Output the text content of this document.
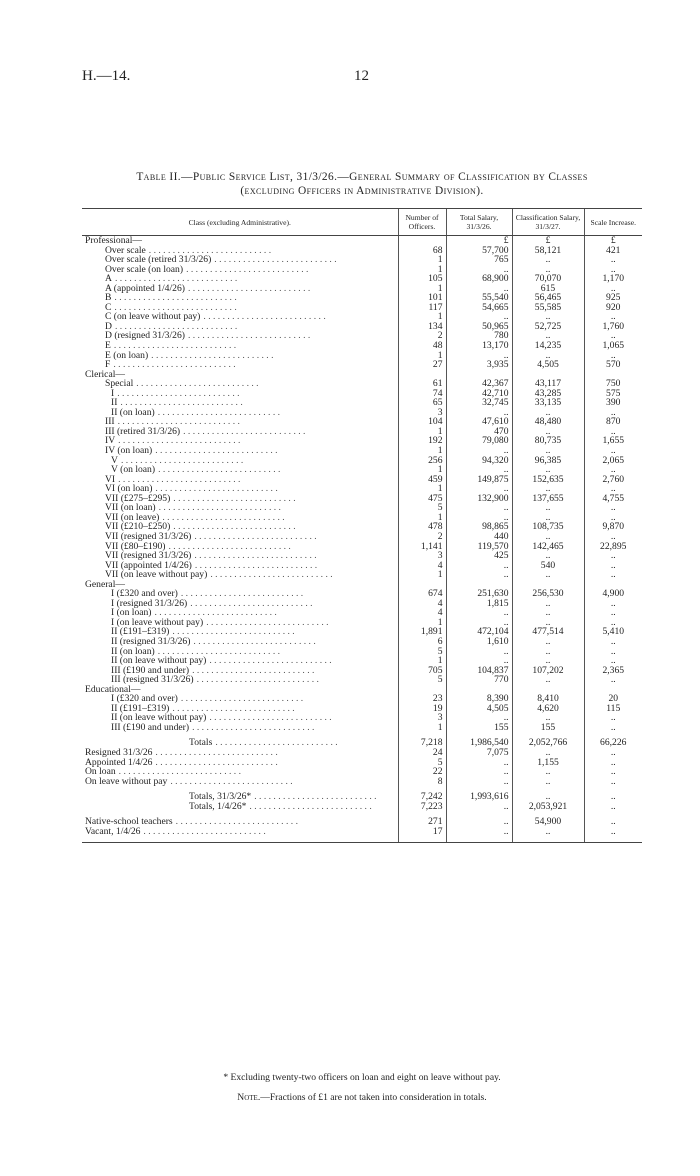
H.—14.	12
Table II.—Public Service List, 31/3/26.—General Summary of Classification by Classes
(excluding Officers in Administrative Division).
Class (excluding Administrative).	Number of Officers.	Total Salary, 31/3/26.	Classification Salary, 31/3/27.	Scale Increase.

Professional—		£	£	£

Over scale . . . . . . . . . . . . . . . . . . . . . . . . . .	68	57,700	58,121	421

Over scale (retired 31/3/26) . . . . . . . . . . . . . . . . . . . . . . . . . .	1	765	..	..

Over scale (on loan) . . . . . . . . . . . . . . . . . . . . . . . . . .	1	..	..	..

A . . . . . . . . . . . . . . . . . . . . . . . . . .	105	68,900	70,070	1,170

A (appointed 1/4/26) . . . . . . . . . . . . . . . . . . . . . . . . . .	1	..	615	..

B . . . . . . . . . . . . . . . . . . . . . . . . . .	101	55,540	56,465	925

C . . . . . . . . . . . . . . . . . . . . . . . . . .	117	54,665	55,585	920

C (on leave without pay) . . . . . . . . . . . . . . . . . . . . . . . . . .	1	..	..	..

D . . . . . . . . . . . . . . . . . . . . . . . . . .	134	50,965	52,725	1,760

D (resigned 31/3/26) . . . . . . . . . . . . . . . . . . . . . . . . . .	2	780	..	..

E . . . . . . . . . . . . . . . . . . . . . . . . . .	48	13,170	14,235	1,065

E (on loan) . . . . . . . . . . . . . . . . . . . . . . . . . .	1	..	..	..

F . . . . . . . . . . . . . . . . . . . . . . . . . .	27	3,935	4,505	570

Clerical—				

Special . . . . . . . . . . . . . . . . . . . . . . . . . .	61	42,367	43,117	750

I . . . . . . . . . . . . . . . . . . . . . . . . . .	74	42,710	43,285	575

II . . . . . . . . . . . . . . . . . . . . . . . . . .	65	32,745	33,135	390

II (on loan) . . . . . . . . . . . . . . . . . . . . . . . . . .	3	..	..	..

III . . . . . . . . . . . . . . . . . . . . . . . . . .	104	47,610	48,480	870

III (retired 31/3/26) . . . . . . . . . . . . . . . . . . . . . . . . . .	1	470	..	..

IV . . . . . . . . . . . . . . . . . . . . . . . . . .	192	79,080	80,735	1,655

IV (on loan) . . . . . . . . . . . . . . . . . . . . . . . . . .	1	..	..	..

V . . . . . . . . . . . . . . . . . . . . . . . . . .	256	94,320	96,385	2,065

V (on loan) . . . . . . . . . . . . . . . . . . . . . . . . . .	1	..	..	..

VI . . . . . . . . . . . . . . . . . . . . . . . . . .	459	149,875	152,635	2,760

VI (on loan) . . . . . . . . . . . . . . . . . . . . . . . . . .	1	..	..	..

VII (£275–£295) . . . . . . . . . . . . . . . . . . . . . . . . . .	475	132,900	137,655	4,755

VII (on loan) . . . . . . . . . . . . . . . . . . . . . . . . . .	5	..	..	..

VII (on leave) . . . . . . . . . . . . . . . . . . . . . . . . . .	1	..	..	..

VII (£210–£250) . . . . . . . . . . . . . . . . . . . . . . . . . .	478	98,865	108,735	9,870

VII (resigned 31/3/26) . . . . . . . . . . . . . . . . . . . . . . . . . .	2	440	..	..

VII (£80–£190) . . . . . . . . . . . . . . . . . . . . . . . . . .	1,141	119,570	142,465	22,895

VII (resigned 31/3/26) . . . . . . . . . . . . . . . . . . . . . . . . . .	3	425	..	..

VII (appointed 1/4/26) . . . . . . . . . . . . . . . . . . . . . . . . . .	4	..	540	..

VII (on leave without pay) . . . . . . . . . . . . . . . . . . . . . . . . . .	1	..	..	..

General—				

I (£320 and over) . . . . . . . . . . . . . . . . . . . . . . . . . .	674	251,630	256,530	4,900

I (resigned 31/3/26) . . . . . . . . . . . . . . . . . . . . . . . . . .	4	1,815	..	..

I (on loan) . . . . . . . . . . . . . . . . . . . . . . . . . .	4	..	..	..

I (on leave without pay) . . . . . . . . . . . . . . . . . . . . . . . . . .	1	..	..	..

II (£191–£319) . . . . . . . . . . . . . . . . . . . . . . . . . .	1,891	472,104	477,514	5,410

II (resigned 31/3/26) . . . . . . . . . . . . . . . . . . . . . . . . . .	6	1,610	..	..

II (on loan) . . . . . . . . . . . . . . . . . . . . . . . . . .	5	..	..	..

II (on leave without pay) . . . . . . . . . . . . . . . . . . . . . . . . . .	1	..	..	..

III (£190 and under) . . . . . . . . . . . . . . . . . . . . . . . . . .	705	104,837	107,202	2,365

III (resigned 31/3/26) . . . . . . . . . . . . . . . . . . . . . . . . . .	5	770	..	..

Educational—				

I (£320 and over) . . . . . . . . . . . . . . . . . . . . . . . . . .	23	8,390	8,410	20

II (£191–£319) . . . . . . . . . . . . . . . . . . . . . . . . . .	19	4,505	4,620	115

II (on leave without pay) . . . . . . . . . . . . . . . . . . . . . . . . . .	3	..	..	..

III (£190 and under) . . . . . . . . . . . . . . . . . . . . . . . . . .	1	155	155	..

Totals . . . . . . . . . . . . . . . . . . . . . . . . . .	7,218	1,986,540	2,052,766	66,226

Resigned 31/3/26 . . . . . . . . . . . . . . . . . . . . . . . . . .	24	7,075	..	..

Appointed 1/4/26 . . . . . . . . . . . . . . . . . . . . . . . . . .	5	..	1,155	..

On loan . . . . . . . . . . . . . . . . . . . . . . . . . .	22	..	..	..

On leave without pay . . . . . . . . . . . . . . . . . . . . . . . . . .	8	..	..	..

Totals, 31/3/26* . . . . . . . . . . . . . . . . . . . . . . . . . .	7,242	1,993,616	..	..

Totals, 1/4/26* . . . . . . . . . . . . . . . . . . . . . . . . . .	7,223	..	2,053,921	..

Native-school teachers . . . . . . . . . . . . . . . . . . . . . . . . . .	271	..	54,900	..

Vacant, 1/4/26 . . . . . . . . . . . . . . . . . . . . . . . . . .	17	..	..	..

* Excluding twenty-two officers on loan and eight on leave without pay.
Note.—Fractions of £1 are not taken into consideration in totals.
